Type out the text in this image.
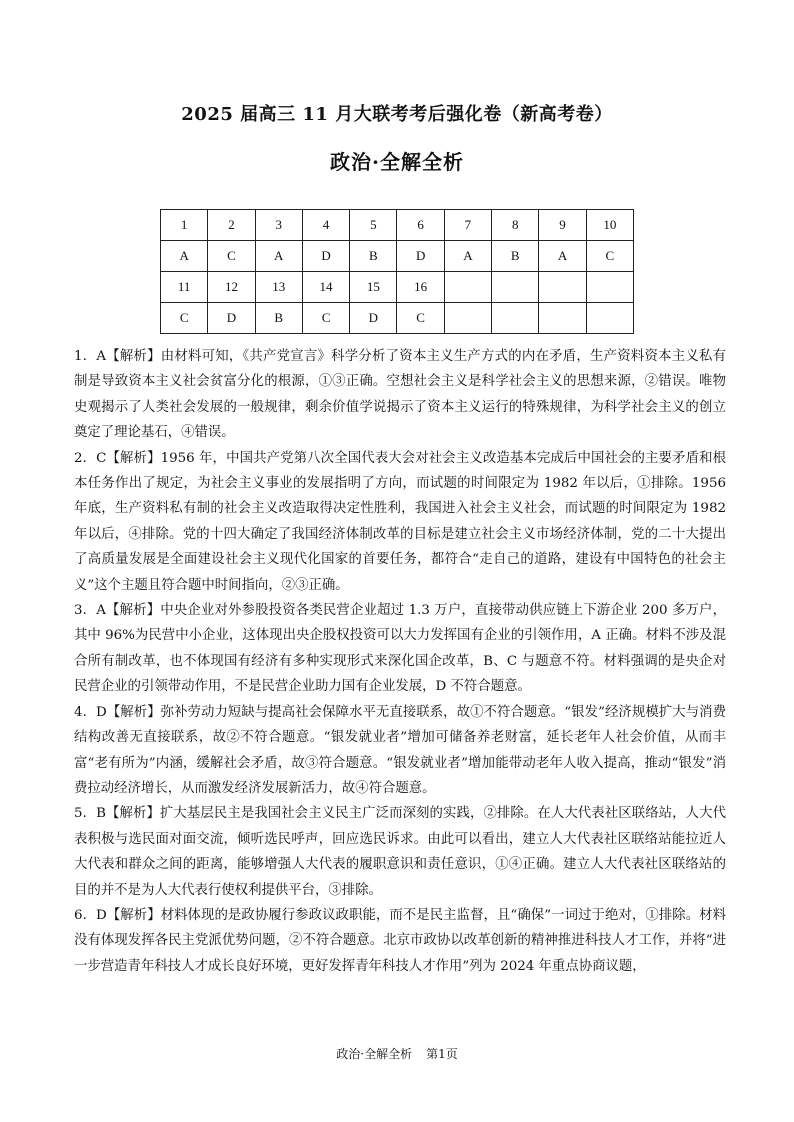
2025 届高三 11 月大联考考后强化卷（新高考卷）
政治·全解全析
1	2	3	4	5	6	7	8	9	10
A	C	A	D	B	D	A	B	A	C
11	12	13	14	15	16				
C	D	B	C	D	C				

1．A【解析】由材料可知，《共产党宣言》科学分析了资本主义生产方式的内在矛盾，生产资料资本主义私有制是导致资本主义社会贫富分化的根源，①③正确。空想社会主义是科学社会主义的思想来源，②错误。唯物史观揭示了人类社会发展的一般规律，剩余价值学说揭示了资本主义运行的特殊规律，为科学社会主义的创立奠定了理论基石，④错误。

2．C【解析】1956 年，中国共产党第八次全国代表大会对社会主义改造基本完成后中国社会的主要矛盾和根本任务作出了规定，为社会主义事业的发展指明了方向，而试题的时间限定为 1982 年以后，①排除。1956 年底，生产资料私有制的社会主义改造取得决定性胜利，我国进入社会主义社会，而试题的时间限定为 1982 年以后，④排除。党的十四大确定了我国经济体制改革的目标是建立社会主义市场经济体制，党的二十大提出了高质量发展是全面建设社会主义现代化国家的首要任务，都符合“走自己的道路，建设有中国特色的社会主义”这个主题且符合题中时间指向，②③正确。

3．A【解析】中央企业对外参股投资各类民营企业超过 1.3 万户，直接带动供应链上下游企业 200 多万户，其中 96%为民营中小企业，这体现出央企股权投资可以大力发挥国有企业的引领作用，A 正确。材料不涉及混合所有制改革，也不体现国有经济有多种实现形式来深化国企改革，B、C 与题意不符。材料强调的是央企对民营企业的引领带动作用，不是民营企业助力国有企业发展，D 不符合题意。

4．D【解析】弥补劳动力短缺与提高社会保障水平无直接联系，故①不符合题意。“银发”经济规模扩大与消费结构改善无直接联系，故②不符合题意。“银发就业者”增加可储备养老财富，延长老年人社会价值，从而丰富“老有所为”内涵，缓解社会矛盾，故③符合题意。“银发就业者”增加能带动老年人收入提高，推动“银发”消费拉动经济增长，从而激发经济发展新活力，故④符合题意。

5．B【解析】扩大基层民主是我国社会主义民主广泛而深刻的实践，②排除。在人大代表社区联络站，人大代表积极与选民面对面交流，倾听选民呼声，回应选民诉求。由此可以看出，建立人大代表社区联络站能拉近人大代表和群众之间的距离，能够增强人大代表的履职意识和责任意识，①④正确。建立人大代表社区联络站的目的并不是为人大代表行使权利提供平台，③排除。

6．D【解析】材料体现的是政协履行参政议政职能，而不是民主监督，且“确保”一词过于绝对，①排除。材料没有体现发挥各民主党派优势问题，②不符合题意。北京市政协以改革创新的精神推进科技人才工作，并将“进一步营造青年科技人才成长良好环境，更好发挥青年科技人才作用”列为 2024 年重点协商议题，

政治·全解全析 第1页
